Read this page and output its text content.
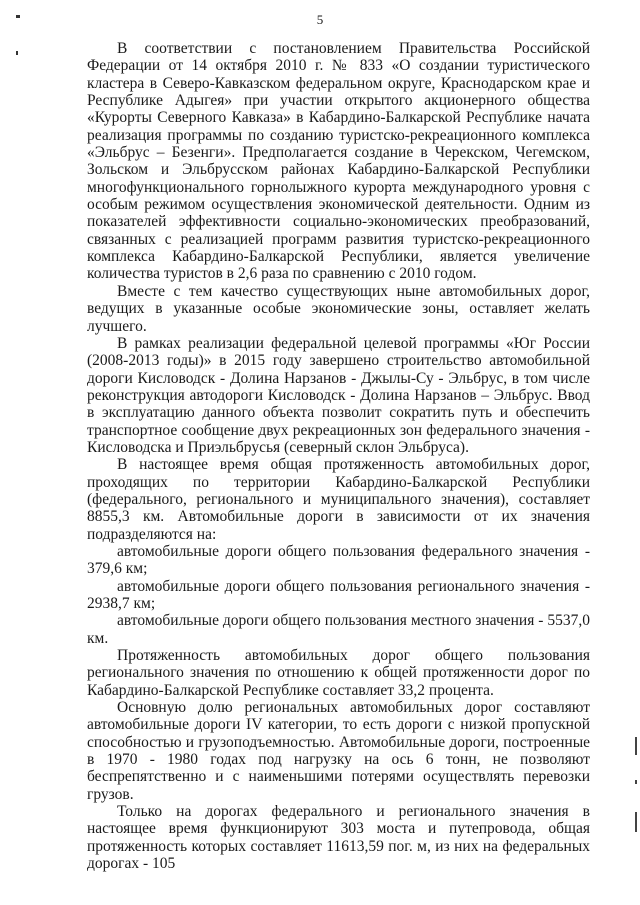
5

В соответствии с постановлением Правительства Российской Федерации от 14 октября 2010 г. № 833 «О создании туристического кластера в Северо-Кавказском федеральном округе, Краснодарском крае и Республике Адыгея» при участии открытого акционерного общества «Курорты Северного Кавказа» в Кабардино-Балкарской Республике начата реализация программы по созданию туристско-рекреационного комплекса «Эльбрус – Безенги». Предполагается создание в Черекском, Чегемском, Зольском и Эльбрусском районах Кабардино-Балкарской Республики многофункционального горнолыжного курорта международного уровня с особым режимом осуществления экономической деятельности. Одним из показателей эффективности социально-экономических преобразований, связанных с реализацией программ развития туристско-рекреационного комплекса Кабардино-Балкарской Республики, является увеличение количества туристов в 2,6 раза по сравнению с 2010 годом.

Вместе с тем качество существующих ныне автомобильных дорог, ведущих в указанные особые экономические зоны, оставляет желать лучшего.

В рамках реализации федеральной целевой программы «Юг России (2008-2013 годы)» в 2015 году завершено строительство автомобильной дороги Кисловодск - Долина Нарзанов - Джылы-Су - Эльбрус, в том числе реконструкция автодороги Кисловодск - Долина Нарзанов – Эльбрус. Ввод в эксплуатацию данного объекта позволит сократить путь и обеспечить транспортное сообщение двух рекреационных зон федерального значения - Кисловодска и Приэльбрусья (северный склон Эльбруса).

В настоящее время общая протяженность автомобильных дорог, проходящих по территории Кабардино-Балкарской Республики (федерального, регионального и муниципального значения), составляет 8855,3 км. Автомобильные дороги в зависимости от их значения подразделяются на:

автомобильные дороги общего пользования федерального значения - 379,6 км;

автомобильные дороги общего пользования регионального значения - 2938,7 км;

автомобильные дороги общего пользования местного значения - 5537,0 км.

Протяженность автомобильных дорог общего пользования регионального значения по отношению к общей протяженности дорог по Кабардино-Балкарской Республике составляет 33,2 процента.

Основную долю региональных автомобильных дорог составляют автомобильные дороги IV категории, то есть дороги с низкой пропускной способностью и грузоподъемностью. Автомобильные дороги, построенные в 1970 - 1980 годах под нагрузку на ось 6 тонн, не позволяют беспрепятственно и с наименьшими потерями осуществлять перевозки грузов.

Только на дорогах федерального и регионального значения в настоящее время функционируют 303 моста и путепровода, общая протяженность которых составляет 11613,59 пог. м, из них на федеральных дорогах - 105
